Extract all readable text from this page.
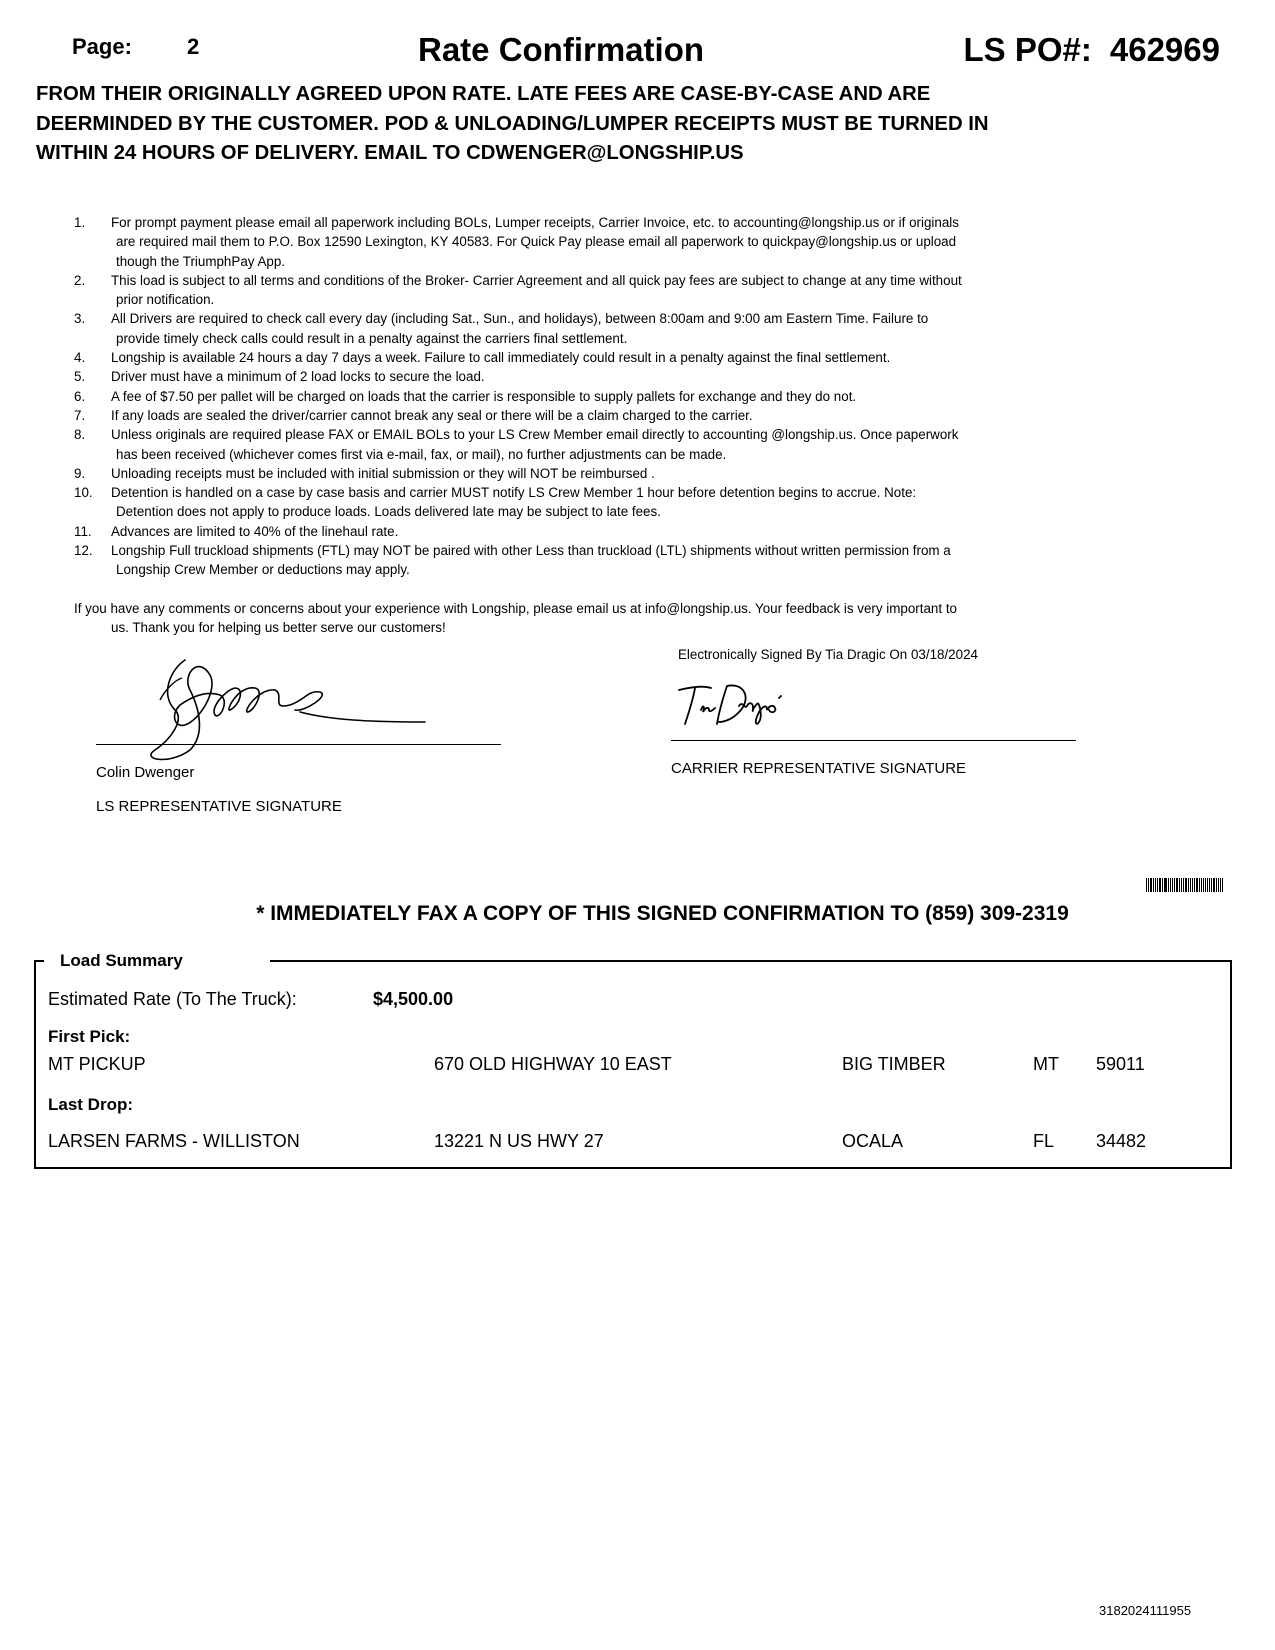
Page:	2	Rate Confirmation	LS PO#: 462969
FROM THEIR ORIGINALLY AGREED UPON RATE. LATE FEES ARE CASE-BY-CASE AND ARE
DEERMINDED BY THE CUSTOMER. POD & UNLOADING/LUMPER RECEIPTS MUST BE TURNED IN
WITHIN 24 HOURS OF DELIVERY. EMAIL TO CDWENGER@LONGSHIP.US
1. For prompt payment please email all paperwork including BOLs, Lumper receipts, Carrier Invoice, etc. to accounting@longship.us or if originals
are required mail them to P.O. Box 12590 Lexington, KY 40583. For Quick Pay please email all paperwork to quickpay@longship.us or upload
though the TriumphPay App.
2. This load is subject to all terms and conditions of the Broker- Carrier Agreement and all quick pay fees are subject to change at any time without
prior notification.
3. All Drivers are required to check call every day (including Sat., Sun., and holidays), between 8:00am and 9:00 am Eastern Time. Failure to
provide timely check calls could result in a penalty against the carriers final settlement.
4. Longship is available 24 hours a day 7 days a week. Failure to call immediately could result in a penalty against the final settlement.
5. Driver must have a minimum of 2 load locks to secure the load.
6. A fee of $7.50 per pallet will be charged on loads that the carrier is responsible to supply pallets for exchange and they do not.
7. If any loads are sealed the driver/carrier cannot break any seal or there will be a claim charged to the carrier.
8. Unless originals are required please FAX or EMAIL BOLs to your LS Crew Member email directly to accounting @longship.us. Once paperwork
has been received (whichever comes first via e-mail, fax, or mail), no further adjustments can be made.
9. Unloading receipts must be included with initial submission or they will NOT be reimbursed .
10. Detention is handled on a case by case basis and carrier MUST notify LS Crew Member 1 hour before detention begins to accrue. Note:
Detention does not apply to produce loads. Loads delivered late may be subject to late fees.
11. Advances are limited to 40% of the linehaul rate.
12. Longship Full truckload shipments (FTL) may NOT be paired with other Less than truckload (LTL) shipments without written permission from a
Longship Crew Member or deductions may apply.
If you have any comments or concerns about your experience with Longship, please email us at info@longship.us. Your feedback is very important to
us. Thank you for helping us better serve our customers!
Colin Dwenger
LS REPRESENTATIVE SIGNATURE
Electronically Signed By Tia Dragic On 03/18/2024
CARRIER REPRESENTATIVE SIGNATURE
* IMMEDIATELY FAX A COPY OF THIS SIGNED CONFIRMATION TO (859) 309-2319
Load Summary
Estimated Rate (To The Truck):	$4,500.00
First Pick:
MT PICKUP	670 OLD HIGHWAY 10 EAST	BIG TIMBER	MT 59011
Last Drop:
LARSEN FARMS - WILLISTON	13221 N US HWY 27	OCALA	FL 34482
3182024111955
